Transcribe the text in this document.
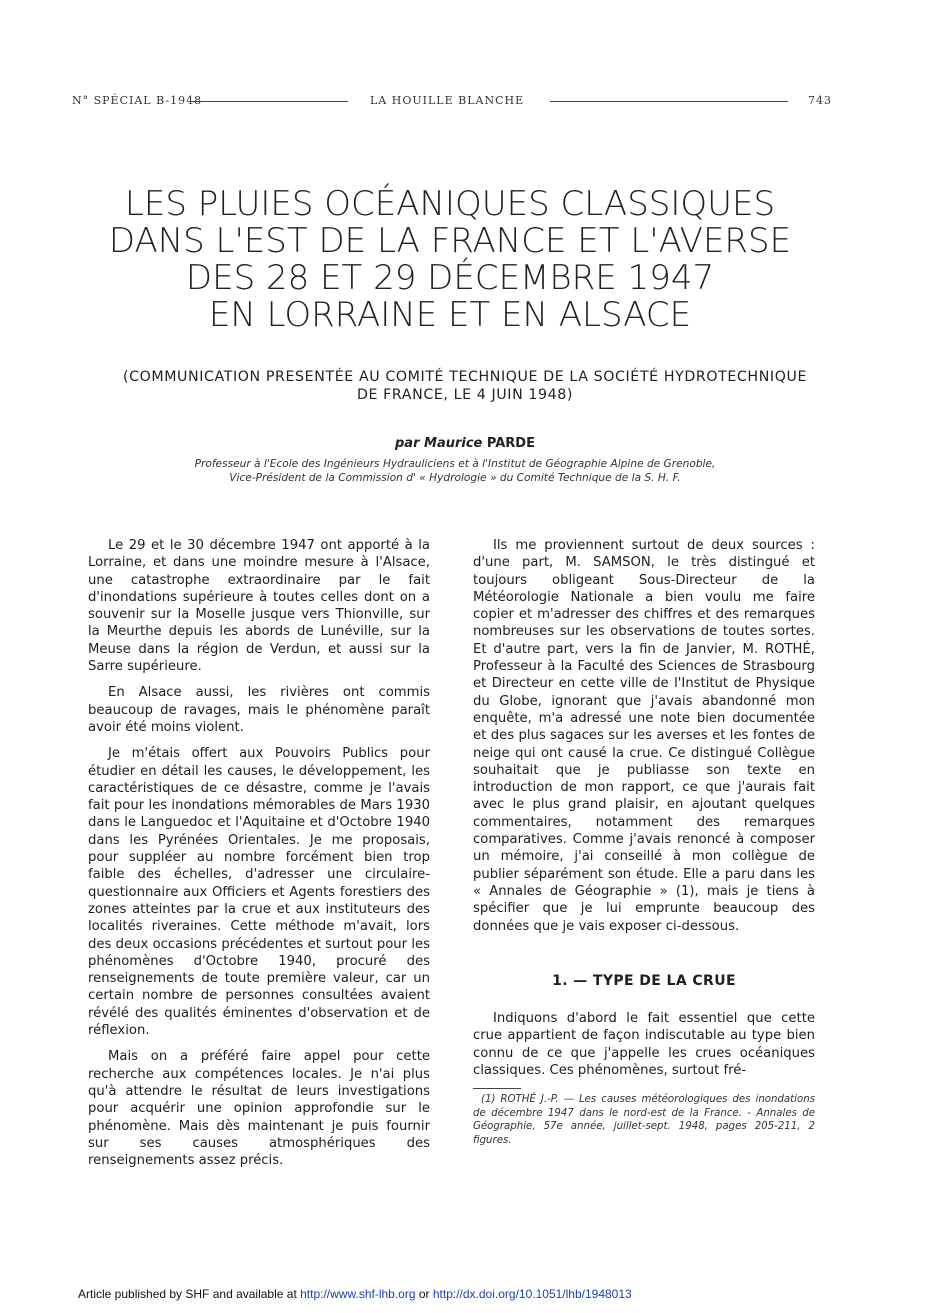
N° SPÉCIAL B-1948	LA HOUILLE BLANCHE	743
LES PLUIES OCÉANIQUES CLASSIQUES
DANS L'EST DE LA FRANCE ET L'AVERSE
DES 28 ET 29 DÉCEMBRE 1947
EN LORRAINE ET EN ALSACE
(COMMUNICATION PRESENTÉE AU COMITÉ TECHNIQUE DE LA SOCIÉTÉ HYDROTECHNIQUE
DE FRANCE, LE 4 JUIN 1948)
par Maurice PARDE
Professeur à l'Ecole des Ingénieurs Hydrauliciens et à l'Institut de Géographie Alpine de Grenoble,
Vice-Président de la Commission d' « Hydrologie » du Comité Technique de la S. H. F.

Le 29 et le 30 décembre 1947 ont apporté à la Lorraine, et dans une moindre mesure à l'Alsace, une catastrophe extraordinaire par le fait d'inondations supérieure à toutes celles dont on a souvenir sur la Moselle jusque vers Thionville, sur la Meurthe depuis les abords de Lunéville, sur la Meuse dans la région de Verdun, et aussi sur la Sarre supérieure.

En Alsace aussi, les rivières ont commis beaucoup de ravages, mais le phénomène paraît avoir été moins violent.

Je m'étais offert aux Pouvoirs Publics pour étudier en détail les causes, le développement, les caractéristiques de ce désastre, comme je l'avais fait pour les inondations mémorables de Mars 1930 dans le Languedoc et l'Aquitaine et d'Octobre 1940 dans les Pyrénées Orientales. Je me proposais, pour suppléer au nombre forcément bien trop faible des échelles, d'adresser une circulaire-questionnaire aux Officiers et Agents forestiers des zones atteintes par la crue et aux instituteurs des localités riveraines. Cette méthode m'avait, lors des deux occasions précédentes et surtout pour les phénomènes d'Octobre 1940, procuré des renseignements de toute première valeur, car un certain nombre de personnes consultées avaient révélé des qualités éminentes d'observation et de réflexion.

Mais on a préféré faire appel pour cette recherche aux compétences locales. Je n'ai plus qu'à attendre le résultat de leurs investigations pour acquérir une opinion approfondie sur le phénomène. Mais dès maintenant je puis fournir sur ses causes atmosphériques des renseignements assez précis.

Ils me proviennent surtout de deux sources : d'une part, M. SAMSON, le très distingué et toujours obligeant Sous-Directeur de la Météorologie Nationale a bien voulu me faire copier et m'adresser des chiffres et des remarques nombreuses sur les observations de toutes sortes. Et d'autre part, vers la fin de Janvier, M. ROTHÉ, Professeur à la Faculté des Sciences de Strasbourg et Directeur en cette ville de l'Institut de Physique du Globe, ignorant que j'avais abandonné mon enquête, m'a adressé une note bien documentée et des plus sagaces sur les averses et les fontes de neige qui ont causé la crue. Ce distingué Collègue souhaitait que je publiasse son texte en introduction de mon rapport, ce que j'aurais fait avec le plus grand plaisir, en ajoutant quelques commentaires, notamment des remarques comparatives. Comme j'avais renoncé à composer un mémoire, j'ai conseillé à mon collègue de publier séparément son étude. Elle a paru dans les « Annales de Géographie » (1), mais je tiens à spécifier que je lui emprunte beaucoup des données que je vais exposer ci-dessous.

1. — TYPE DE LA CRUE

Indiquons d'abord le fait essentiel que cette crue appartient de façon indiscutable au type bien connu de ce que j'appelle les crues océaniques classiques. Ces phénomènes, surtout fré-

(1) ROTHÉ J.-P. — Les causes météorologiques des inondations de décembre 1947 dans le nord-est de la France. - Annales de Géographie, 57e année, juillet-sept. 1948, pages 205-211, 2 figures.
Article published by SHF and available at http://www.shf-lhb.org or http://dx.doi.org/10.1051/lhb/1948013
